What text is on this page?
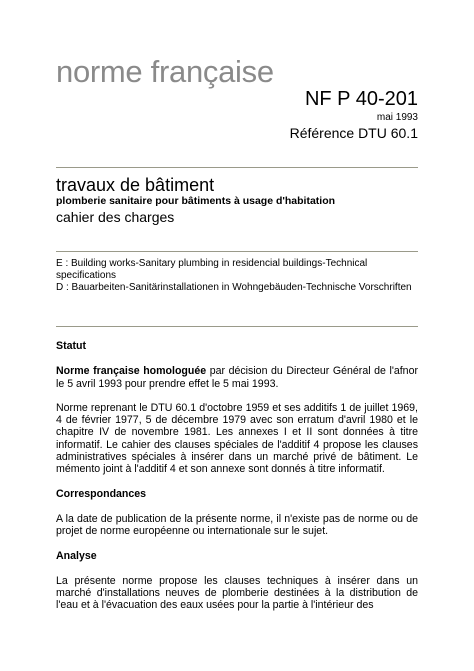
norme française
NF P 40-201
mai 1993
Référence DTU 60.1
travaux de bâtiment
plomberie sanitaire pour bâtiments à usage d'habitation
cahier des charges

E : Building works-Sanitary plumbing in residencial buildings-Technical specifications

D : Bauarbeiten-Sanitärinstallationen in Wohngebäuden-Technische Vorschriften

Statut

Norme française homologuée par décision du Directeur Général de l'afnor le 5 avril 1993 pour prendre effet le 5 mai 1993.

Norme reprenant le DTU 60.1 d'octobre 1959 et ses additifs 1 de juillet 1969, 4 de février 1977, 5 de décembre 1979 avec son erratum d'avril 1980 et le chapitre IV de novembre 1981. Les annexes I et II sont données à titre informatif. Le cahier des clauses spéciales de l'additif 4 propose les clauses administratives spéciales à insérer dans un marché privé de bâtiment. Le mémento joint à l'additif 4 et son annexe sont donnés à titre informatif.

Correspondances

A la date de publication de la présente norme, il n'existe pas de norme ou de projet de norme européenne ou internationale sur le sujet.

Analyse

La présente norme propose les clauses techniques à insérer dans un marché d'installations neuves de plomberie destinées à la distribution de l'eau et à l'évacuation des eaux usées pour la partie à l'intérieur des
